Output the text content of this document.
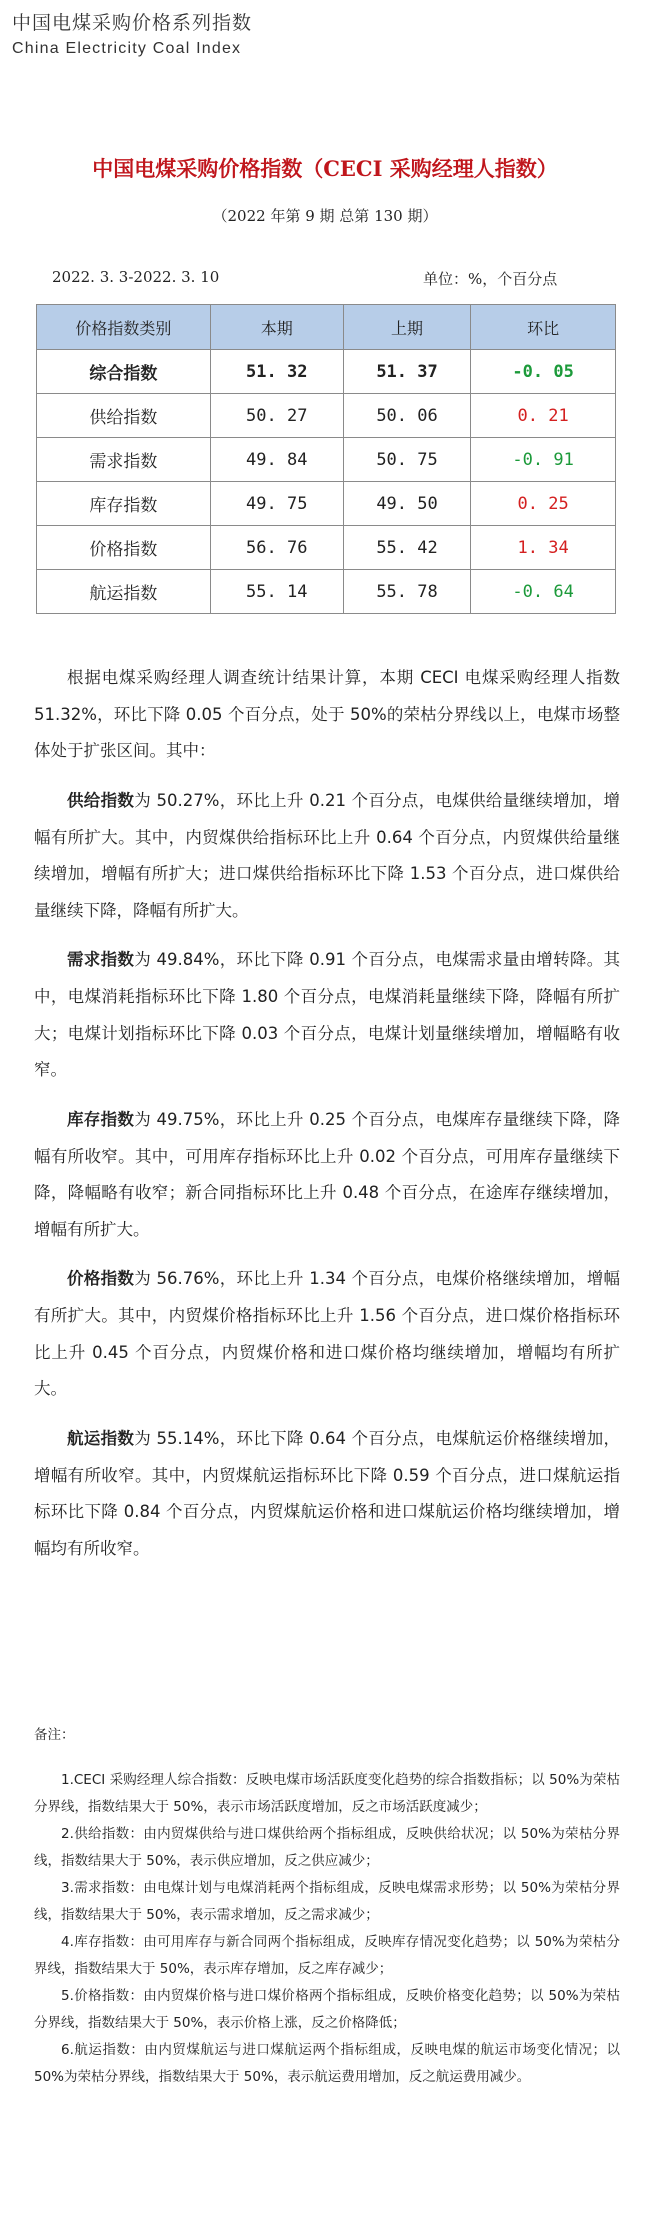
中国电煤采购价格系列指数
China Electricity Coal Index
中国电煤采购价格指数（CECI 采购经理人指数）
（2022 年第 9 期 总第 130 期）
2022. 3. 3-2022. 3. 10	单位：%，个百分点
价格指数类别	本期	上期	环比
综合指数	51. 32	51. 37	-0. 05
供给指数	50. 27	50. 06	0. 21
需求指数	49. 84	50. 75	-0. 91
库存指数	49. 75	49. 50	0. 25
价格指数	56. 76	55. 42	1. 34
航运指数	55. 14	55. 78	-0. 64

根据电煤采购经理人调查统计结果计算，本期 CECI 电煤采购经理人指数 51.32%，环比下降 0.05 个百分点，处于 50%的荣枯分界线以上，电煤市场整体处于扩张区间。其中：

供给指数为 50.27%，环比上升 0.21 个百分点，电煤供给量继续增加，增幅有所扩大。其中，内贸煤供给指标环比上升 0.64 个百分点，内贸煤供给量继续增加，增幅有所扩大；进口煤供给指标环比下降 1.53 个百分点，进口煤供给量继续下降，降幅有所扩大。

需求指数为 49.84%，环比下降 0.91 个百分点，电煤需求量由增转降。其中，电煤消耗指标环比下降 1.80 个百分点，电煤消耗量继续下降，降幅有所扩大；电煤计划指标环比下降 0.03 个百分点，电煤计划量继续增加，增幅略有收窄。

库存指数为 49.75%，环比上升 0.25 个百分点，电煤库存量继续下降，降幅有所收窄。其中，可用库存指标环比上升 0.02 个百分点，可用库存量继续下降，降幅略有收窄；新合同指标环比上升 0.48 个百分点，在途库存继续增加，增幅有所扩大。

价格指数为 56.76%，环比上升 1.34 个百分点，电煤价格继续增加，增幅有所扩大。其中，内贸煤价格指标环比上升 1.56 个百分点，进口煤价格指标环比上升 0.45 个百分点，内贸煤价格和进口煤价格均继续增加，增幅均有所扩大。

航运指数为 55.14%，环比下降 0.64 个百分点，电煤航运价格继续增加，增幅有所收窄。其中，内贸煤航运指标环比下降 0.59 个百分点，进口煤航运指标环比下降 0.84 个百分点，内贸煤航运价格和进口煤航运价格均继续增加，增幅均有所收窄。

备注：

1.CECI 采购经理人综合指数：反映电煤市场活跃度变化趋势的综合指数指标；以 50%为荣枯分界线，指数结果大于 50%，表示市场活跃度增加，反之市场活跃度减少；

2.供给指数：由内贸煤供给与进口煤供给两个指标组成，反映供给状况；以 50%为荣枯分界线，指数结果大于 50%，表示供应增加，反之供应减少；

3.需求指数：由电煤计划与电煤消耗两个指标组成，反映电煤需求形势；以 50%为荣枯分界线，指数结果大于 50%，表示需求增加，反之需求减少；

4.库存指数：由可用库存与新合同两个指标组成，反映库存情况变化趋势；以 50%为荣枯分界线，指数结果大于 50%，表示库存增加，反之库存减少；

5.价格指数：由内贸煤价格与进口煤价格两个指标组成，反映价格变化趋势；以 50%为荣枯分界线，指数结果大于 50%，表示价格上涨，反之价格降低；

6.航运指数：由内贸煤航运与进口煤航运两个指标组成，反映电煤的航运市场变化情况；以 50%为荣枯分界线，指数结果大于 50%，表示航运费用增加，反之航运费用减少。
